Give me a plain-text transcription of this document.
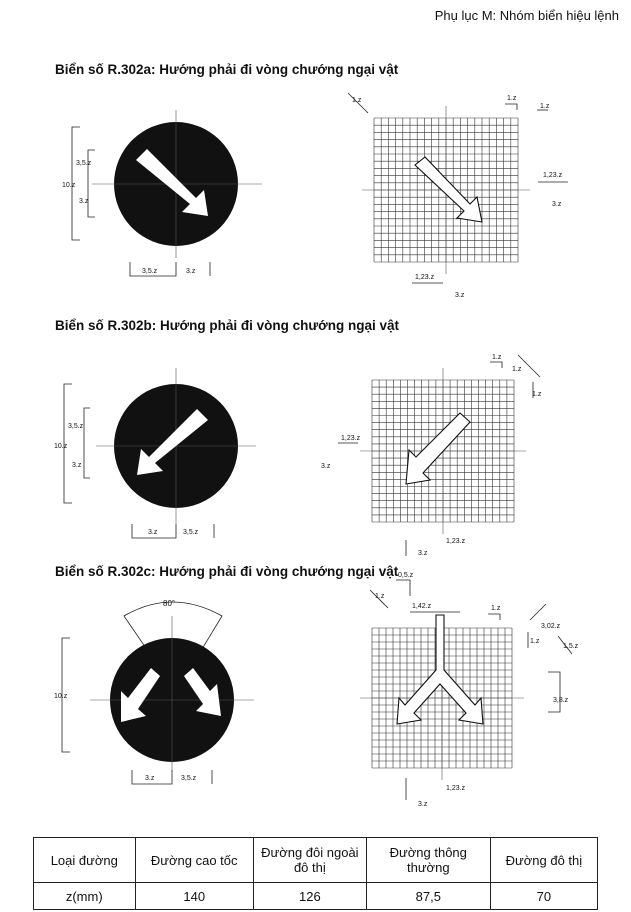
Phụ lục M: Nhóm biển hiệu lệnh
Biển số R.302a: Hướng phải đi vòng chướng ngại vật
10.z
3,5.z
3.z
3,5.z	3.z
1.z	1.z
1.z
1,23.z
3.z
1,23.z
3.z
Biển số R.302b: Hướng phải đi vòng chướng ngại vật
10.z
3,5.z
3.z
3.z	3,5.z
1.z
1.z
1,23.z
3.z
3.z
1,23.z
1.z
Biển số R.302c: Hướng phải đi vòng chướng ngại vật
80°
10.z
3.z	3,5.z
1.z
0,5.z
1,42.z	1.z
3,02.z
1.z
1,5.z
3,8.z
3.z
1,23.z
Loại đường	Đường cao tốc	Đường đôi ngoài đô thị	Đường thông thường	Đường đô thị
z(mm)	140	126	87,5	70
